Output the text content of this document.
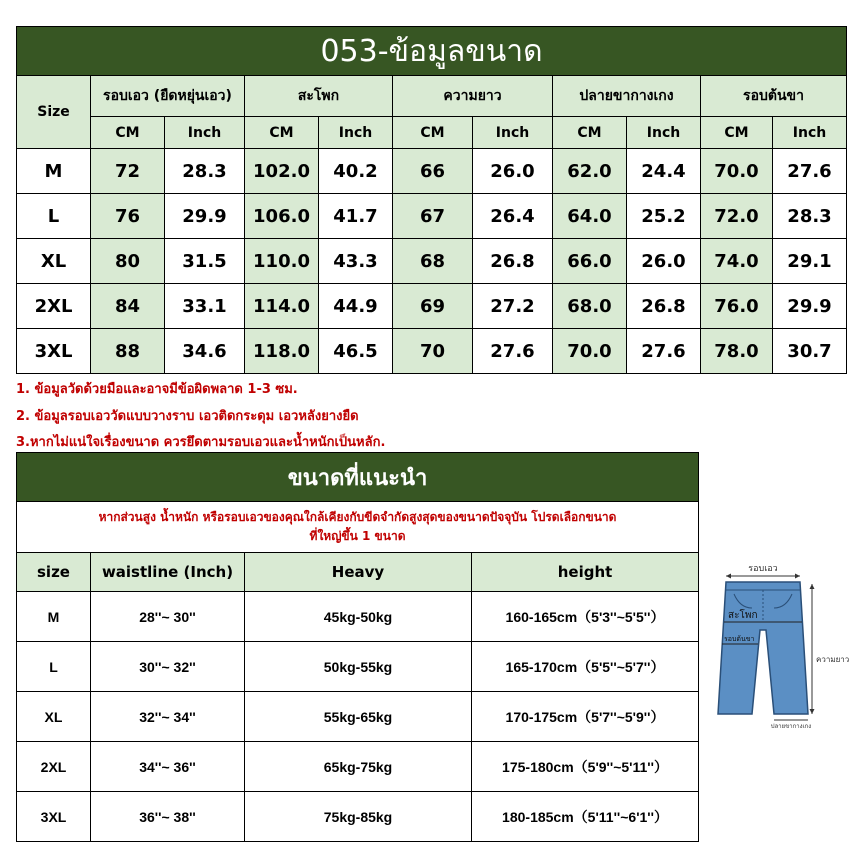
053-ข้อมูลขนาด										
Size	รอบเอว (ยืดหยุ่นเอว)		สะโพก		ความยาว		ปลายขากางเกง		รอบต้นขา	
	CM	Inch	CM	Inch	CM	Inch	CM	Inch	CM	Inch
M	72	28.3	102.0	40.2	66	26.0	62.0	24.4	70.0	27.6
L	76	29.9	106.0	41.7	67	26.4	64.0	25.2	72.0	28.3
XL	80	31.5	110.0	43.3	68	26.8	66.0	26.0	74.0	29.1
2XL	84	33.1	114.0	44.9	69	27.2	68.0	26.8	76.0	29.9
3XL	88	34.6	118.0	46.5	70	27.6	70.0	27.6	78.0	30.7
1. ข้อมูลวัดด้วยมือและอาจมีข้อผิดพลาด 1-3 ซม.
2. ข้อมูลรอบเอววัดแบบวางราบ เอวติดกระดุม เอวหลังยางยืด
3.หากไม่แน่ใจเรื่องขนาด ควรยึดตามรอบเอวและน้ำหนักเป็นหลัก.
ขนาดที่แนะนำ			

หากส่วนสูง น้ำหนัก หรือรอบเอวของคุณใกล้เคียงกับขีดจำกัดสูงสุดของขนาดปัจจุบัน โปรดเลือกขนาด
ที่ใหญ่ขึ้น 1 ขนาด			

size	waistline (Inch)	Heavy	height
M	28''~ 30''	45kg-50kg	160-165cm（5'3''~5'5''）
L	30''~ 32''	50kg-55kg	165-170cm（5'5''~5'7''）
XL	32''~ 34''	55kg-65kg	170-175cm（5'7''~5'9''）
2XL	34''~ 36''	65kg-75kg	175-180cm（5'9''~5'11''）
3XL	36''~ 38''	75kg-85kg	180-185cm（5'11''~6'1''）
รอบเอว
สะโพก
รอบต้นขา
ความยาว
ปลายขากางเกง
